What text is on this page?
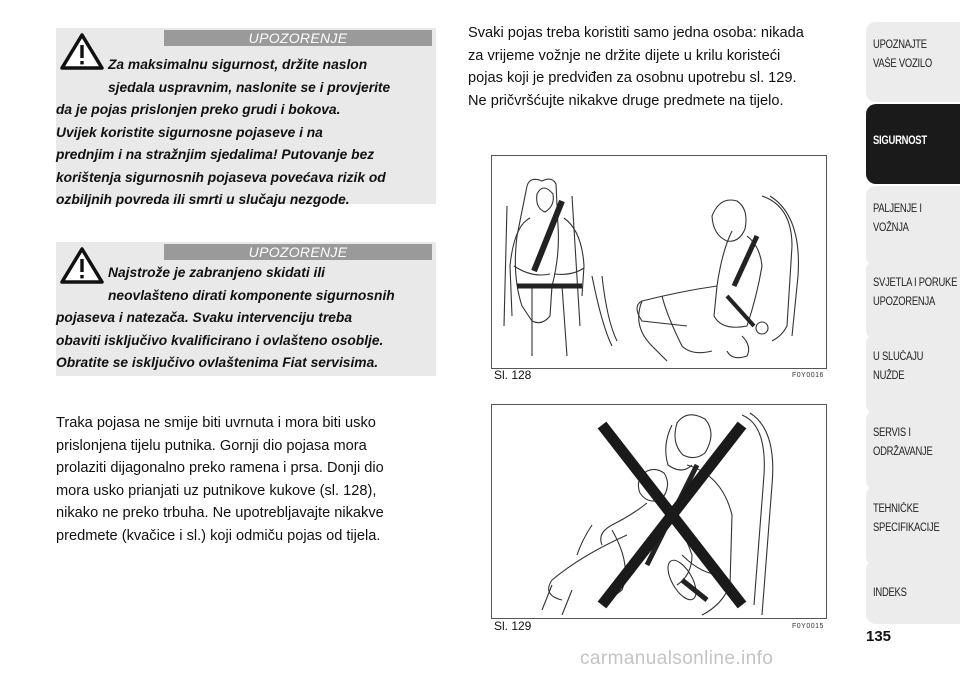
UPOZORENJE
Za maksimalnu sigurnost, držite naslon
sjedala uspravnim, naslonite se i provjerite
da je pojas prislonjen preko grudi i bokova.
Uvijek koristite sigurnosne pojaseve i na
prednjim i na stražnjim sjedalima! Putovanje bez
korištenja sigurnosnih pojaseva povećava rizik od
ozbiljnih povreda ili smrti u slučaju nezgode.
UPOZORENJE
Najstrože je zabranjeno skidati ili
neovlašteno dirati komponente sigurnosnih
pojaseva i natezača. Svaku intervenciju treba
obaviti isključivo kvalificirano i ovlašteno osoblje.
Obratite se isključivo ovlaštenima Fiat servisima.
Traka pojasa ne smije biti uvrnuta i mora biti usko
prislonjena tijelu putnika. Gornji dio pojasa mora
prolaziti dijagonalno preko ramena i prsa. Donji dio
mora usko prianjati uz putnikove kukove (sl. 128),
nikako ne preko trbuha. Ne upotrebljavajte nikakve
predmete (kvačice i sl.) koji odmiču pojas od tijela.
Svaki pojas treba koristiti samo jedna osoba: nikada
za vrijeme vožnje ne držite dijete u krilu koristeći
pojas koji je predviđen za osobnu upotrebu sl. 129.
Ne pričvršćujte nikakve druge predmete na tijelo.
Sl. 128	F0Y0016
Sl. 129	F0Y0015
UPOZNAJTE
VAŠE VOZILO
SIGURNOST
PALJENJE I
VOŽNJA
SVJETLA I PORUKE
UPOZORENJA
U SLUČAJU
NUŽDE
SERVIS I
ODRŽAVANJE
TEHNIČKE
SPECIFIKACIJE
INDEKS
135
carmanualsonline.info
